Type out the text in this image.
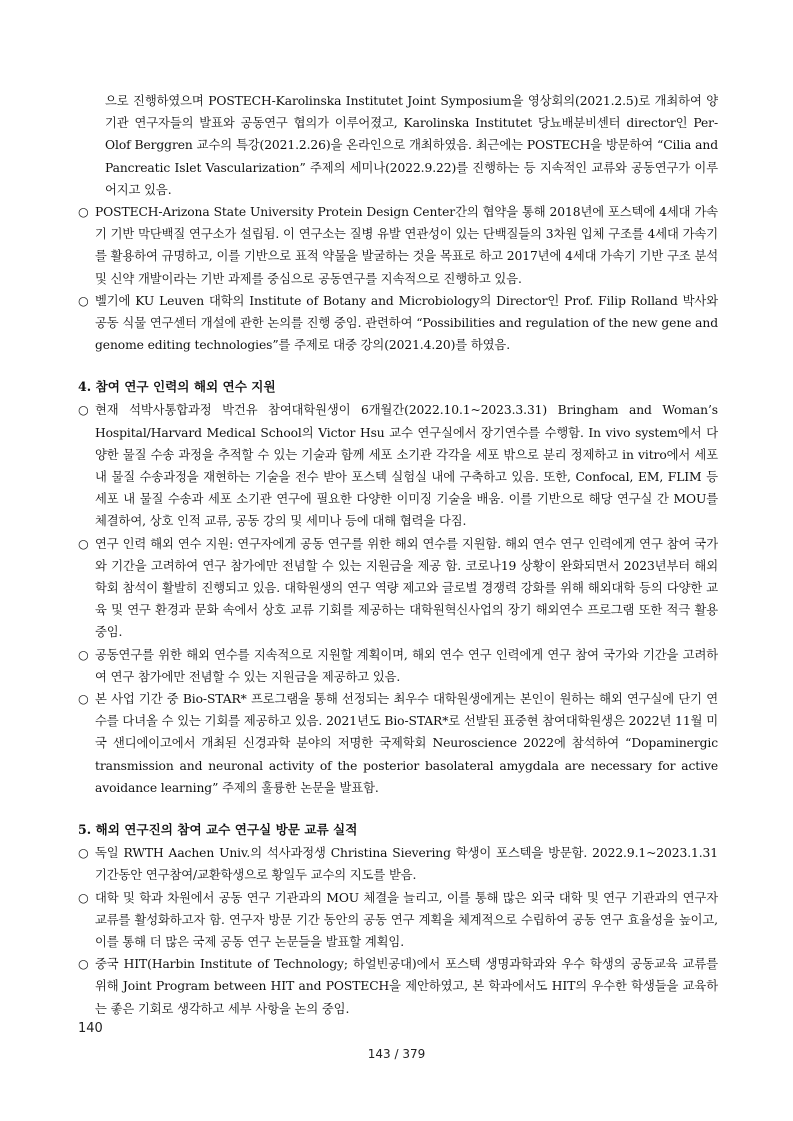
으로 진행하였으며 POSTECH-Karolinska Institutet Joint Symposium을 영상회의(2021.2.5)로 개최하여 양기관 연구자들의 발표와 공동연구 협의가 이루어졌고, Karolinska Institutet 당뇨배분비센터 director인 Per-Olof Berggren 교수의 특강(2021.2.26)을 온라인으로 개최하였음. 최근에는 POSTECH을 방문하여 “Cilia and Pancreatic Islet Vascularization” 주제의 세미나(2022.9.22)를 진행하는 등 지속적인 교류와 공동연구가 이루어지고 있음.

○ POSTECH-Arizona State University Protein Design Center간의 협약을 통해 2018년에 포스텍에 4세대 가속기 기반 막단백질 연구소가 설립됨. 이 연구소는 질병 유발 연관성이 있는 단백질들의 3차원 입체 구조를 4세대 가속기를 활용하여 규명하고, 이를 기반으로 표적 약물을 발굴하는 것을 목표로 하고 2017년에 4세대 가속기 기반 구조 분석 및 신약 개발이라는 기반 과제를 중심으로 공동연구를 지속적으로 진행하고 있음.
○ 벨기에 KU Leuven 대학의 Institute of Botany and Microbiology의 Director인 Prof. Filip Rolland 박사와 공동 식물 연구센터 개설에 관한 논의를 진행 중임. 관련하여 “Possibilities and regulation of the new gene and genome editing technologies”를 주제로 대중 강의(2021.4.20)를 하였음.
4. 참여 연구 인력의 해외 연수 지원
○ 현재 석박사통합과정 박건유 참여대학원생이 6개월간(2022.10.1~2023.3.31) Bringham and Woman’s Hospital/Harvard Medical School의 Victor Hsu 교수 연구실에서 장기연수를 수행함. In vivo system에서 다양한 물질 수송 과정을 추적할 수 있는 기술과 함께 세포 소기관 각각을 세포 밖으로 분리 정제하고 in vitro에서 세포 내 물질 수송과정을 재현하는 기술을 전수 받아 포스텍 실험실 내에 구축하고 있음. 또한, Confocal, EM, FLIM 등 세포 내 물질 수송과 세포 소기관 연구에 필요한 다양한 이미징 기술을 배움. 이를 기반으로 해당 연구실 간 MOU를 체결하여, 상호 인적 교류, 공동 강의 및 세미나 등에 대해 협력을 다짐.
○ 연구 인력 해외 연수 지원: 연구자에게 공동 연구를 위한 해외 연수를 지원함. 해외 연수 연구 인력에게 연구 참여 국가와 기간을 고려하여 연구 참가에만 전념할 수 있는 지원금을 제공 함. 코로나19 상황이 완화되면서 2023년부터 해외 학회 참석이 활발히 진행되고 있음. 대학원생의 연구 역량 제고와 글로벌 경쟁력 강화를 위해 해외대학 등의 다양한 교육 및 연구 환경과 문화 속에서 상호 교류 기회를 제공하는 대학원혁신사업의 장기 해외연수 프로그램 또한 적극 활용 중임.
○ 공동연구를 위한 해외 연수를 지속적으로 지원할 계획이며, 해외 연수 연구 인력에게 연구 참여 국가와 기간을 고려하여 연구 참가에만 전념할 수 있는 지원금을 제공하고 있음.
○ 본 사업 기간 중 Bio-STAR* 프로그램을 통해 선정되는 최우수 대학원생에게는 본인이 원하는 해외 연구실에 단기 연수를 다녀올 수 있는 기회를 제공하고 있음. 2021년도 Bio-STAR*로 선발된 표중현 참여대학원생은 2022년 11월 미국 샌디에이고에서 개최된 신경과학 분야의 저명한 국제학회 Neuroscience 2022에 참석하여 “Dopaminergic transmission and neuronal activity of the posterior basolateral amygdala are necessary for active avoidance learning” 주제의 훌륭한 논문을 발표함.
5. 해외 연구진의 참여 교수 연구실 방문 교류 실적
○ 독일 RWTH Aachen Univ.의 석사과정생 Christina Sievering 학생이 포스텍을 방문함. 2022.9.1~2023.1.31 기간동안 연구참여/교환학생으로 황일두 교수의 지도를 받음.
○ 대학 및 학과 차원에서 공동 연구 기관과의 MOU 체결을 늘리고, 이를 통해 많은 외국 대학 및 연구 기관과의 연구자 교류를 활성화하고자 함. 연구자 방문 기간 동안의 공동 연구 계획을 체계적으로 수립하여 공동 연구 효율성을 높이고, 이를 통해 더 많은 국제 공동 연구 논문들을 발표할 계획임.
○ 중국 HIT(Harbin Institute of Technology; 하얼빈공대)에서 포스텍 생명과학과와 우수 학생의 공동교육 교류를 위해 Joint Program between HIT and POSTECH을 제안하였고, 본 학과에서도 HIT의 우수한 학생들을 교육하는 좋은 기회로 생각하고 세부 사항을 논의 중임.
140
143 / 379
